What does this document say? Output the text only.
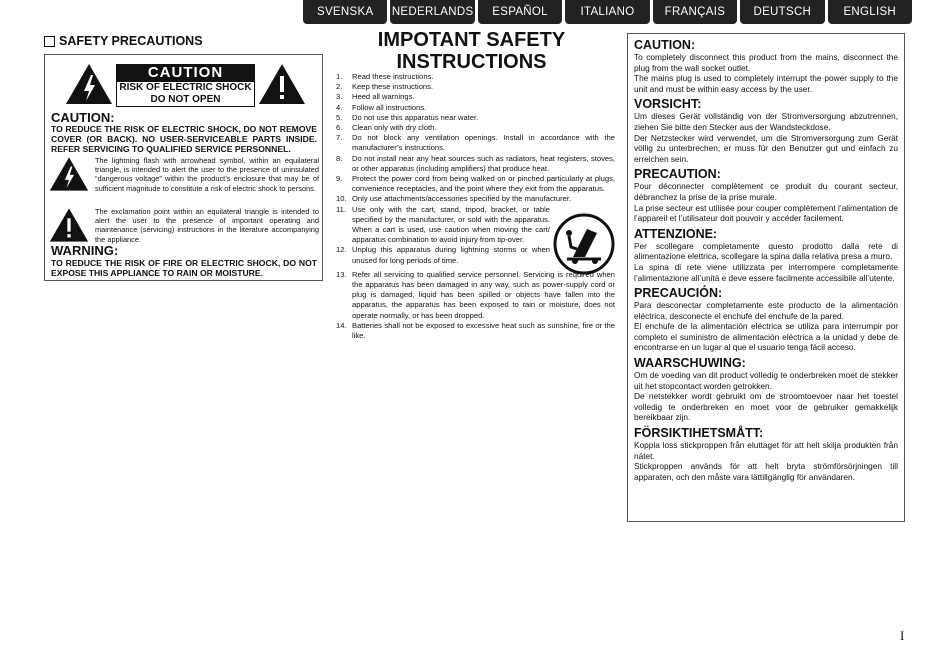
SVENSKA	NEDERLANDS	ESPAÑOL	ITALIANO	FRANÇAIS	DEUTSCH	ENGLISH
SAFETY PRECAUTIONS
CAUTION
RISK OF ELECTRIC SHOCK
DO NOT OPEN
CAUTION:
TO REDUCE THE RISK OF ELECTRIC SHOCK, DO NOT REMOVE COVER (OR BACK). NO USER-SERVICEABLE PARTS INSIDE. REFER SERVICING TO QUALIFIED SERVICE PERSONNEL.

The lightning flash with arrowhead symbol, within an equilateral triangle, is intended to alert the user to the presence of uninsulated “dangerous voltage” within the product’s enclosure that may be of sufficient magnitude to constitute a risk of electric shock to persons.

The exclamation point within an equilateral triangle is intended to alert the user to the presence of important operating and maintenance (servicing) instructions in the literature accompanying the appliance.

WARNING:
TO REDUCE THE RISK OF FIRE OR ELECTRIC SHOCK, DO NOT EXPOSE THIS APPLIANCE TO RAIN OR MOISTURE.
IMPOTANT SAFETY
INSTRUCTIONS
1.	Read these instructions.
2.	Keep these instructions.
3.	Heed all warnings.
4.	Follow all instructions.
5.	Do not use this apparatus near water.
6.	Clean only with dry cloth.
7.	Do not block any ventilation openings. Install in accordance with the manufacturer’s instructions.
8.	Do not install near any heat sources such as radiators, heat registers, stoves, or other apparatus (including amplifiers) that produce heat.
9.	Protect the power cord from being walked on or pinched particularly at plugs, convenience receptacles, and the point where they exit from the apparatus.
10. Only use attachments/accessories specified by the manufacturer.
11. Use only with the cart, stand, tripod, bracket, or table specified by the manufacturer, or sold with the apparatus. When a cart is used, use caution when moving the cart/ apparatus combination to avoid injury from tip-over.
12. Unplug this apparatus during lightning storms or when unused for long periods of time.
13. Refer all servicing to qualified service personnel. Servicing is required when the apparatus has been damaged in any way, such as power-supply cord or plug is damaged, liquid has been spilled or objects have fallen into the apparatus, the apparatus has been exposed to rain or moisture, does not operate normally, or has been dropped.
14. Batteries shall not be exposed to excessive heat such as sunshine, fire or the like.
CAUTION:

To completely disconnect this product from the mains, disconnect the plug from the wall socket outlet.

The mains plug is used to completely interrupt the power supply to the unit and must be within easy access by the user.

VORSICHT:

Um dieses Gerät vollständig von der Stromversorgung abzutrennen, ziehen Sie bitte den Stecker aus der Wandsteckdose.

Der Netzstecker wird verwendet, um die Stromversorgung zum Gerät völlig zu unterbrechen; er muss für den Benutzer gut und einfach zu erreichen sein.

PRECAUTION:

Pour déconnecter complètement ce produit du courant secteur, débranchez la prise de la prise murale.

La prise secteur est utilisée pour couper complètement l’alimentation de l’appareil et l’utilisateur doit pouvoir y accéder facilement.

ATTENZIONE:

Per scollegare completamente questo prodotto dalla rete di alimentazione elettrica, scollegare la spina dalla relativa presa a muro.

La spina di rete viene utilizzata per interrompere completamente l’alimentazione all’unità e deve essere facilmente accessibile all’utente.

PRECAUCIÓN:

Para desconectar completamente este producto de la alimentación eléctrica, desconecte el enchufe del enchufe de la pared.

El enchufe de la alimentación eléctrica se utiliza para interrumpir por completo el suministro de alimentación eléctrica a la unidad y debe de encontrarse en un lugar al que el usuario tenga fácil acceso.

WAARSCHUWING:

Om de voeding van dit product volledig te onderbreken moet de stekker uit het stopcontact worden getrokken.

De netstekker wordt gebruikt om de stroomtoevoer naar het toestel volledig te onderbreken en moet voor de gebruiker gemakkelijk bereikbaar zijn.

FÖRSIKTIHETSMÅTT:

Koppla loss stickproppen från eluttaget för att helt skilja produkten från nätet.

Stickproppen används för att helt bryta strömförsörjningen till apparaten, och den måste vara lättillgänglig för användaren.

I
